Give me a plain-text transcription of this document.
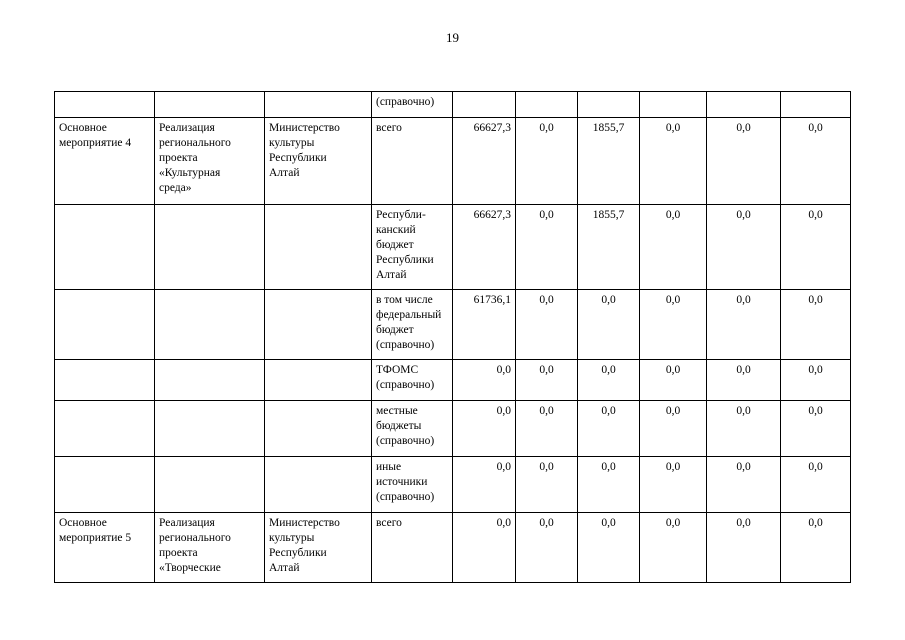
19

			(справочно)						

Основное
мероприятие 4	Реализация
регионального
проекта
«Культурная
среда»	Министерство
культуры
Республики
Алтай	всего	66627,3	0,0	1855,7	0,0	0,0	0,0

			Республи-
канский
бюджет
Республики
Алтай	66627,3	0,0	1855,7	0,0	0,0	0,0

			в том числе
федеральный
бюджет
(справочно)	61736,1	0,0	0,0	0,0	0,0	0,0

			ТФОМС
(справочно)	0,0	0,0	0,0	0,0	0,0	0,0

			местные
бюджеты
(справочно)	0,0	0,0	0,0	0,0	0,0	0,0

			иные
источники
(справочно)	0,0	0,0	0,0	0,0	0,0	0,0

Основное
мероприятие 5	Реализация
регионального
проекта
«Творческие	Министерство
культуры
Республики
Алтай	всего	0,0	0,0	0,0	0,0	0,0	0,0
